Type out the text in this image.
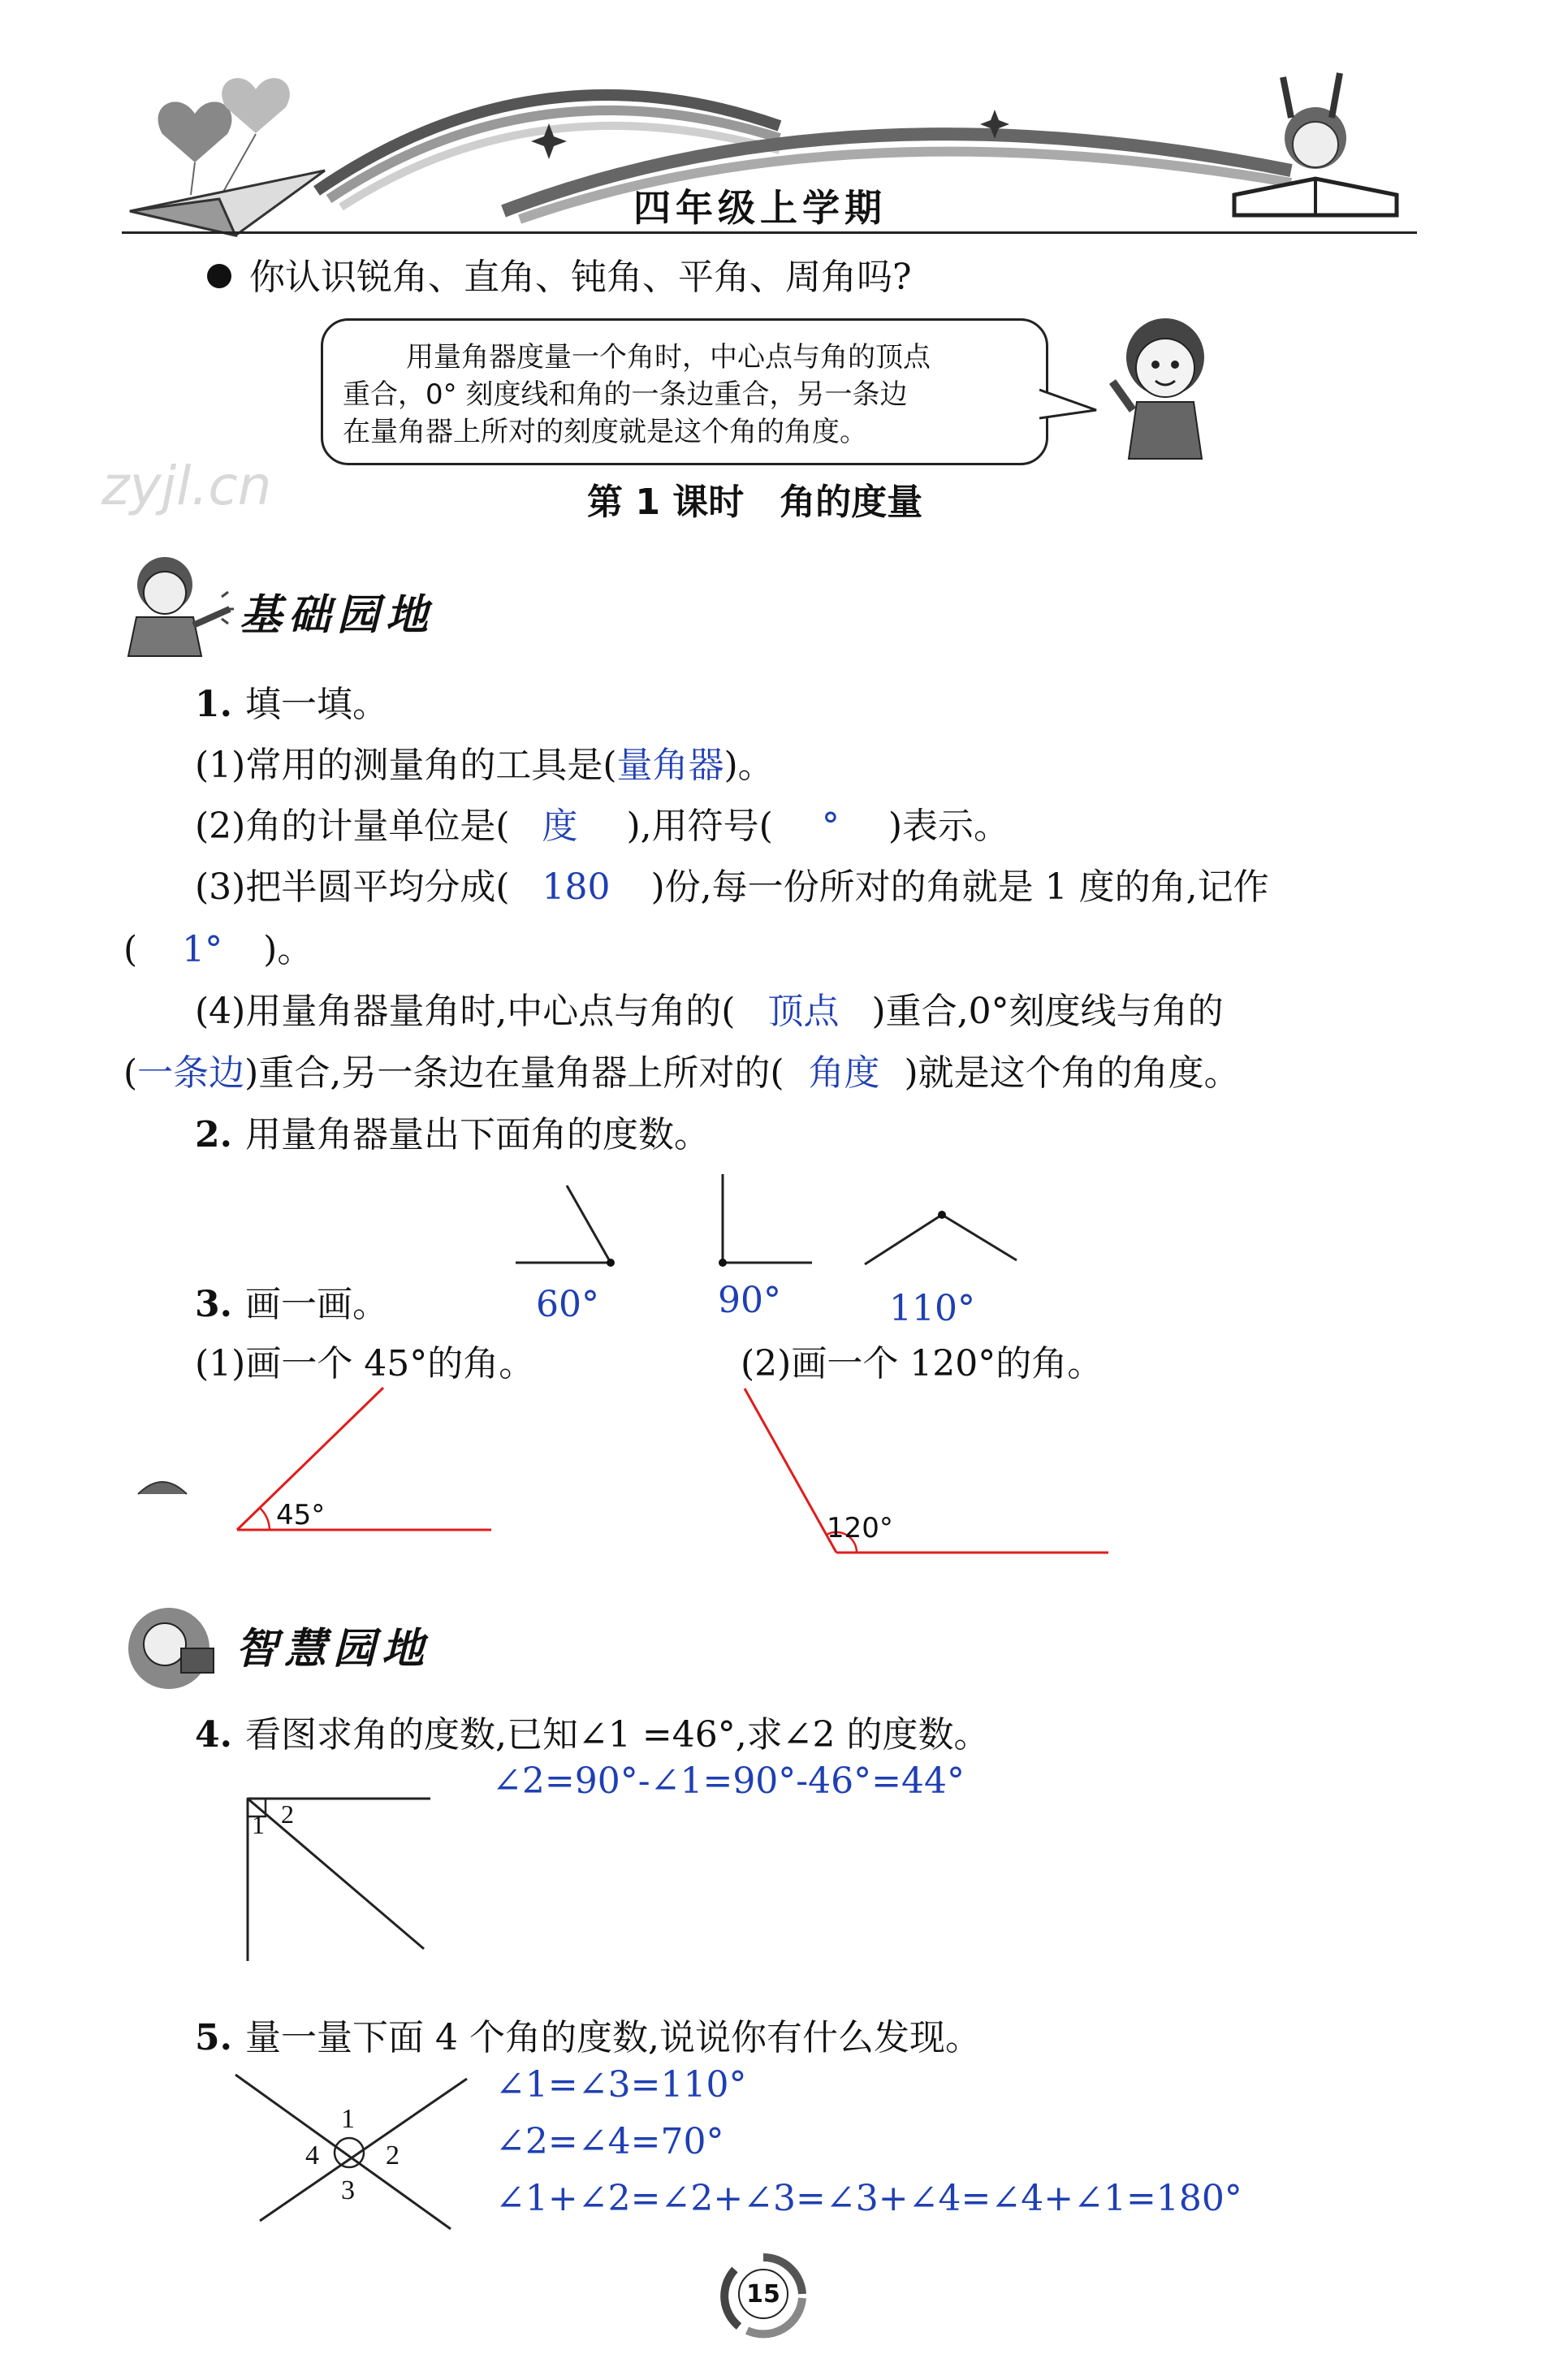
四年级上学期
你认识锐角、直角、钝角、平角、周角吗?
用量角器度量一个角时，中心点与角的顶点
重合，0° 刻度线和角的一条边重合，另一条边
在量角器上所对的刻度就是这个角的角度。
zyjl.cn	第 1 课时　角的度量
基础园地
1. 填一填。
(1)常用的测量角的工具是(量角器)。
(2)角的计量单位是( 度 ),用符号( ° )表示。
(3)把半圆平均分成( 180 )份,每一份所对的角就是 1 度的角,记作
( 1° )。
(4)用量角器量角时,中心点与角的( 顶点 )重合,0°刻度线与角的
(一条边)重合,另一条边在量角器上所对的( 角度 )就是这个角的角度。
2. 用量角器量出下面角的度数。
60°	90°	110°
3. 画一画。
(1)画一个 45°的角。	(2)画一个 120°的角。
45°	120°
智慧园地
4. 看图求角的度数,已知∠1 =46°,求∠2 的度数。
∠2=90°-∠1=90°-46°=44°
1 2
5. 量一量下面 4 个角的度数,说说你有什么发现。
1
2
3
4
∠1=∠3=110°
∠2=∠4=70°
∠1+∠2=∠2+∠3=∠3+∠4=∠4+∠1=180°
15
